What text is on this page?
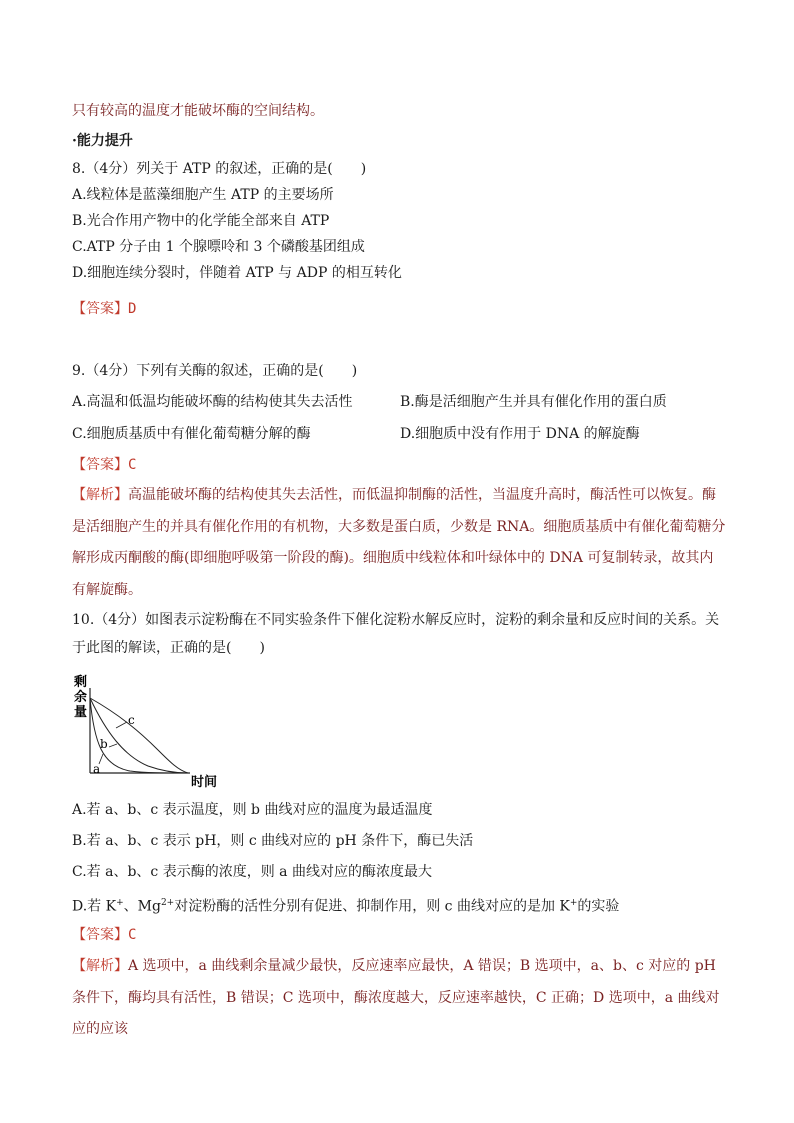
只有较高的温度才能破坏酶的空间结构。
·能力提升
8.（4分）列关于 ATP 的叙述，正确的是(　　)
A.线粒体是蓝藻细胞产生 ATP 的主要场所
B.光合作用产物中的化学能全部来自 ATP
C.ATP 分子由 1 个腺嘌呤和 3 个磷酸基团组成
D.细胞连续分裂时，伴随着 ATP 与 ADP 的相互转化
【答案】D
9.（4分）下列有关酶的叙述，正确的是(　　)
A.高温和低温均能破坏酶的结构使其失去活性	B.酶是活细胞产生并具有催化作用的蛋白质
C.细胞质基质中有催化葡萄糖分解的酶	D.细胞质中没有作用于 DNA 的解旋酶
【答案】C
【解析】高温能破坏酶的结构使其失去活性，而低温抑制酶的活性，当温度升高时，酶活性可以恢复。酶是活细胞产生的并具有催化作用的有机物，大多数是蛋白质，少数是 RNA。细胞质基质中有催化葡萄糖分解形成丙酮酸的酶(即细胞呼吸第一阶段的酶)。细胞质中线粒体和叶绿体中的 DNA 可复制转录，故其内有解旋酶。
10.（4分）如图表示淀粉酶在不同实验条件下催化淀粉水解反应时，淀粉的剩余量和反应时间的关系。关于此图的解读，正确的是(　　)
剩
余
量
a
b
c
时间
A.若 a、b、c 表示温度，则 b 曲线对应的温度为最适温度
B.若 a、b、c 表示 pH，则 c 曲线对应的 pH 条件下，酶已失活
C.若 a、b、c 表示酶的浓度，则 a 曲线对应的酶浓度最大
D.若 K+、$Mg^{2+}$对淀粉酶的活性分别有促进、抑制作用，则 c 曲线对应的是加 K+的实验
【答案】C
【解析】A 选项中，a 曲线剩余量减少最快，反应速率应最快，A 错误；B 选项中，a、b、c 对应的 pH 条件下，酶均具有活性，B 错误；C 选项中，酶浓度越大，反应速率越快，C 正确；D 选项中，a 曲线对应的应该
